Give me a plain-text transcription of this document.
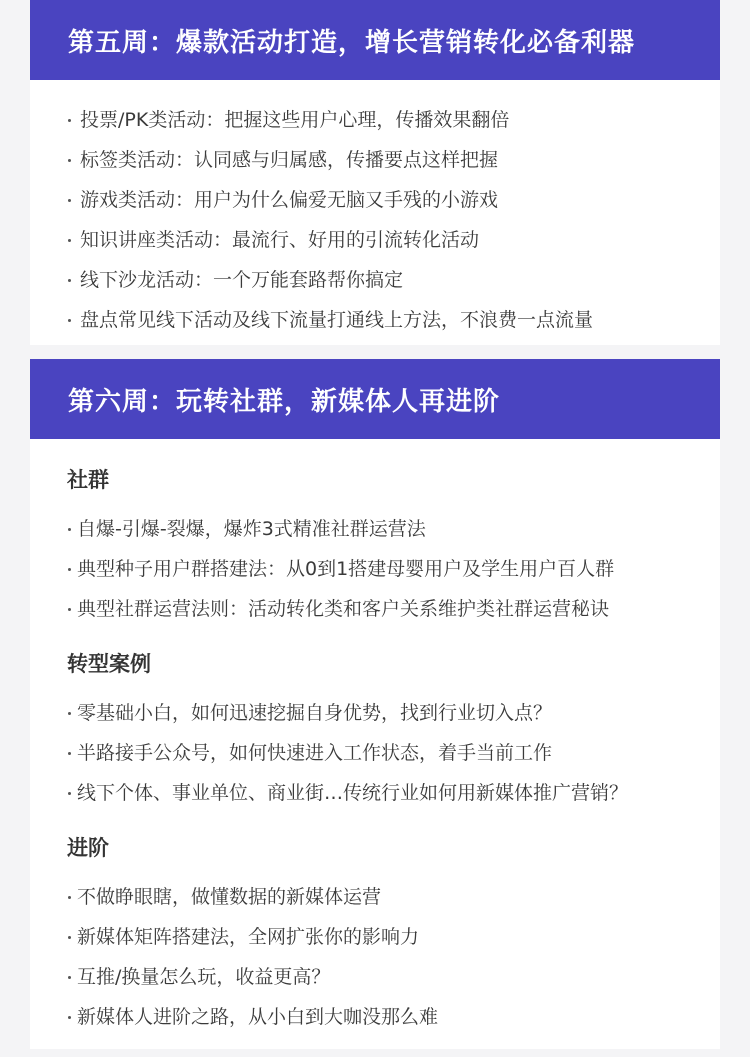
第五周：爆款活动打造，增长营销转化必备利器
投票/PK类活动：把握这些用户心理，传播效果翻倍
标签类活动：认同感与归属感，传播要点这样把握
游戏类活动：用户为什么偏爱无脑又手残的小游戏
知识讲座类活动：最流行、好用的引流转化活动
线下沙龙活动：一个万能套路帮你搞定
盘点常见线下活动及线下流量打通线上方法，不浪费一点流量
第六周：玩转社群，新媒体人再进阶
社群
自爆-引爆-裂爆，爆炸3式精准社群运营法
典型种子用户群搭建法：从0到1搭建母婴用户及学生用户百人群
典型社群运营法则：活动转化类和客户关系维护类社群运营秘诀
转型案例
零基础小白，如何迅速挖掘自身优势，找到行业切入点？
半路接手公众号，如何快速进入工作状态，着手当前工作
线下个体、事业单位、商业街…传统行业如何用新媒体推广营销？
进阶
不做睁眼瞎，做懂数据的新媒体运营
新媒体矩阵搭建法，全网扩张你的影响力
互推/换量怎么玩，收益更高？
新媒体人进阶之路，从小白到大咖没那么难
